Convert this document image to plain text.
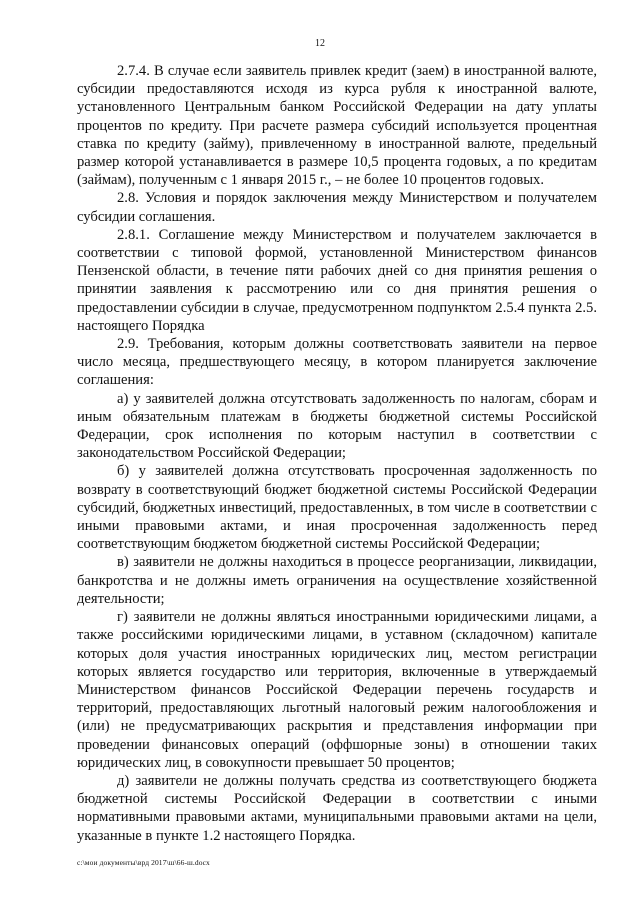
12

2.7.4. В случае если заявитель привлек кредит (заем) в иностранной валюте, субсидии предоставляются исходя из курса рубля к иностранной валюте, установленного Центральным банком Российской Федерации на дату уплаты процентов по кредиту. При расчете размера субсидий используется процентная ставка по кредиту (займу), привлеченному в иностранной валюте, предельный размер которой устанавливается в размере 10,5 процента годовых, а по кредитам (займам), полученным с 1 января 2015 г., – не более 10 процентов годовых.

2.8. Условия и порядок заключения между Министерством и получателем субсидии соглашения.

2.8.1. Соглашение между Министерством и получателем заключается в соответствии с типовой формой, установленной Министерством финансов Пензенской области, в течение пяти рабочих дней со дня принятия решения о принятии заявления к рассмотрению или со дня принятия решения о предоставлении субсидии в случае, предусмотренном подпунктом 2.5.4 пункта 2.5. настоящего Порядка

2.9. Требования, которым должны соответствовать заявители на первое число месяца, предшествующего месяцу, в котором планируется заключение соглашения:

а) у заявителей должна отсутствовать задолженность по налогам, сборам и иным обязательным платежам в бюджеты бюджетной системы Российской Федерации, срок исполнения по которым наступил в соответствии с законодательством Российской Федерации;

б) у заявителей должна отсутствовать просроченная задолженность по возврату в соответствующий бюджет бюджетной системы Российской Федерации субсидий, бюджетных инвестиций, предоставленных, в том числе в соответствии с иными правовыми актами, и иная просроченная задолженность перед соответствующим бюджетом бюджетной системы Российской Федерации;

в) заявители не должны находиться в процессе реорганизации, ликвидации, банкротства и не должны иметь ограничения на осуществление хозяйственной деятельности;

г) заявители не должны являться иностранными юридическими лицами, а также российскими юридическими лицами, в уставном (складочном) капитале которых доля участия иностранных юридических лиц, местом регистрации которых является государство или территория, включенные в утверждаемый Министерством финансов Российской Федерации перечень государств и территорий, предоставляющих льготный налоговый режим налогообложения и (или) не предусматривающих раскрытия и представления информации при проведении финансовых операций (оффшорные зоны) в отношении таких юридических лиц, в совокупности превышает 50 процентов;

д) заявители не должны получать средства из соответствующего бюджета бюджетной системы Российской Федерации в соответствии с иными нормативными правовыми актами, муниципальными правовыми актами на цели, указанные в пункте 1.2 настоящего Порядка.

c:\мои документы\врд 2017\ш\66-ш.docx
